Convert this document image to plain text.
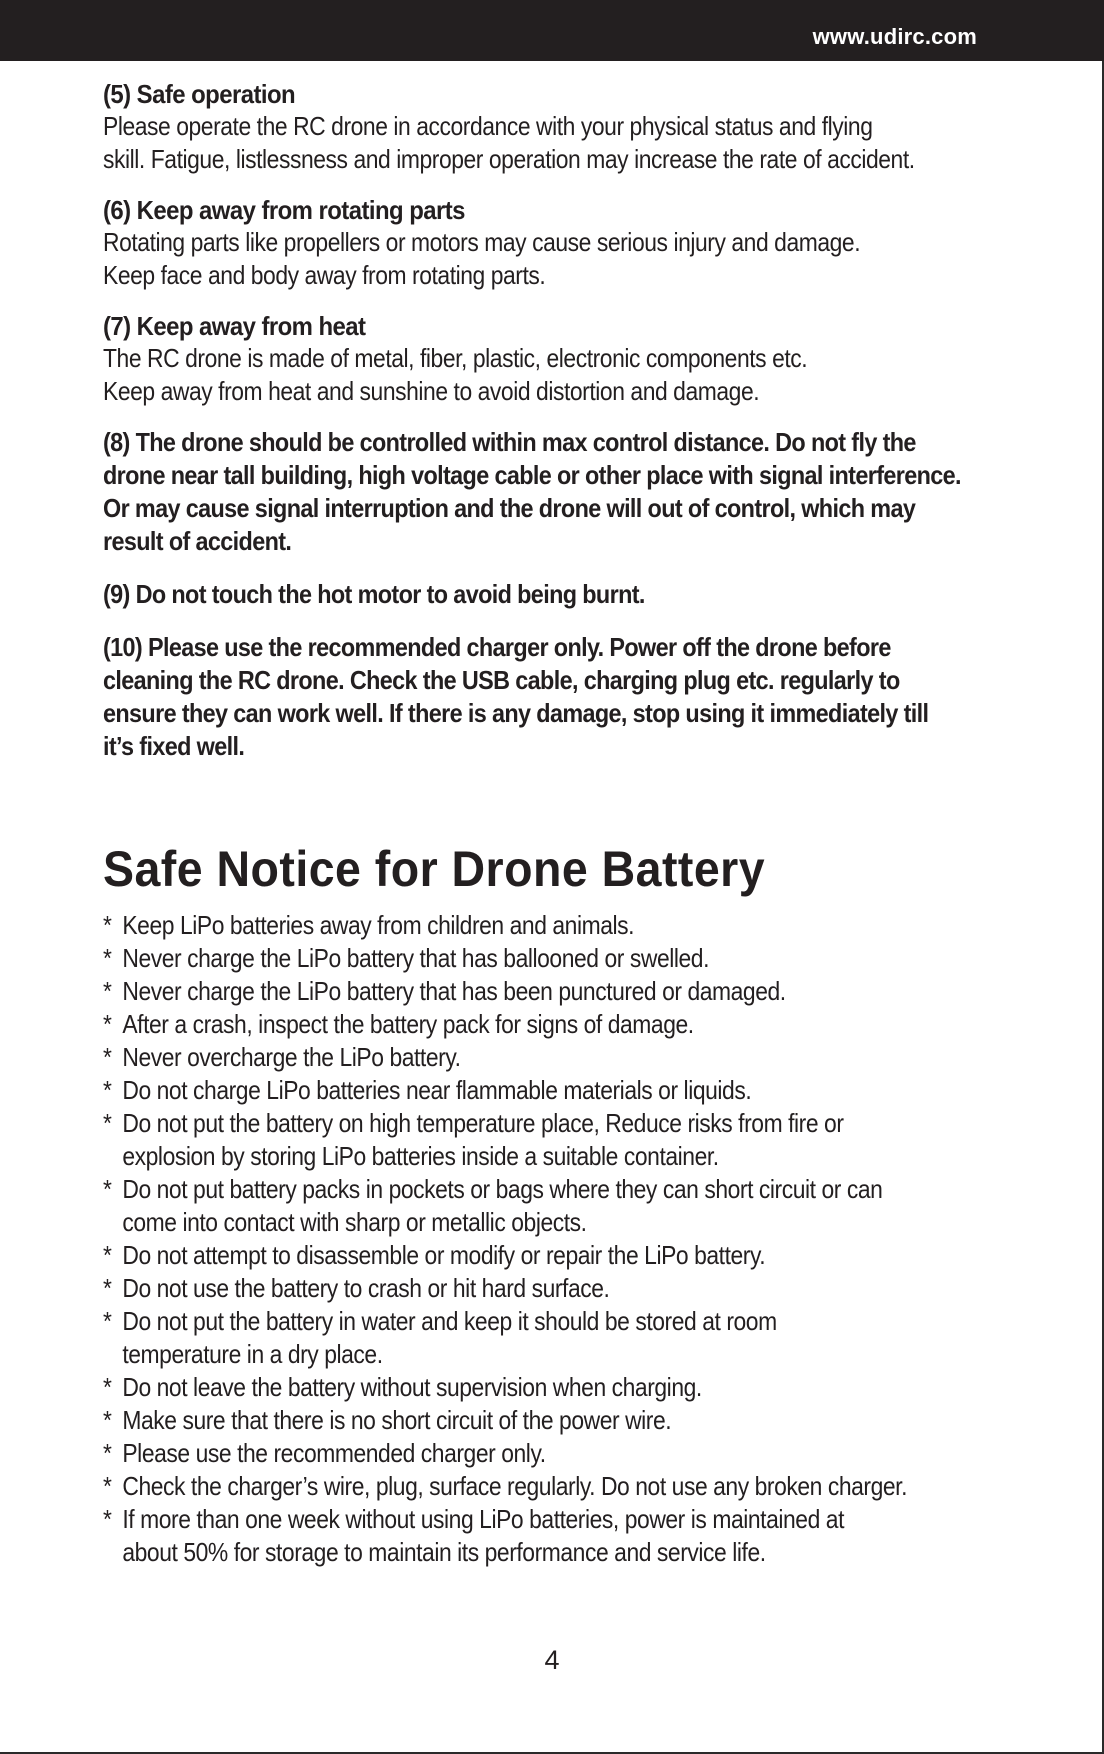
www.udirc.com
(5) Safe operation
Please operate the RC drone in accordance with your physical status and flying
skill. Fatigue, listlessness and improper operation may increase the rate of accident.
(6) Keep away from rotating parts
Rotating parts like propellers or motors may cause serious injury and damage.
Keep face and body away from rotating parts.
(7) Keep away from heat
The RC drone is made of metal, fiber, plastic, electronic components etc.
Keep away from heat and sunshine to avoid distortion and damage.
(8) The drone should be controlled within max control distance. Do not fly the
drone near tall building, high voltage cable or other place with signal interference.
Or may cause signal interruption and the drone will out of control, which may
result of accident.
(9) Do not touch the hot motor to avoid being burnt.
(10) Please use the recommended charger only. Power off the drone before
cleaning the RC drone. Check the USB cable, charging plug etc. regularly to
ensure they can work well. If there is any damage, stop using it immediately till
it’s fixed well.
Safe Notice for Drone Battery
* Keep LiPo batteries away from children and animals.
* Never charge the LiPo battery that has ballooned or swelled.
* Never charge the LiPo battery that has been punctured or damaged.
* After a crash, inspect the battery pack for signs of damage.
* Never overcharge the LiPo battery.
* Do not charge LiPo batteries near flammable materials or liquids.
* Do not put the battery on high temperature place, Reduce risks from fire or
explosion by storing LiPo batteries inside a suitable container.
* Do not put battery packs in pockets or bags where they can short circuit or can
come into contact with sharp or metallic objects.
* Do not attempt to disassemble or modify or repair the LiPo battery.
* Do not use the battery to crash or hit hard surface.
* Do not put the battery in water and keep it should be stored at room
temperature in a dry place.
* Do not leave the battery without supervision when charging.
* Make sure that there is no short circuit of the power wire.
* Please use the recommended charger only.
* Check the charger’s wire, plug, surface regularly. Do not use any broken charger.
* If more than one week without using LiPo batteries, power is maintained at
about 50% for storage to maintain its performance and service life.
4
